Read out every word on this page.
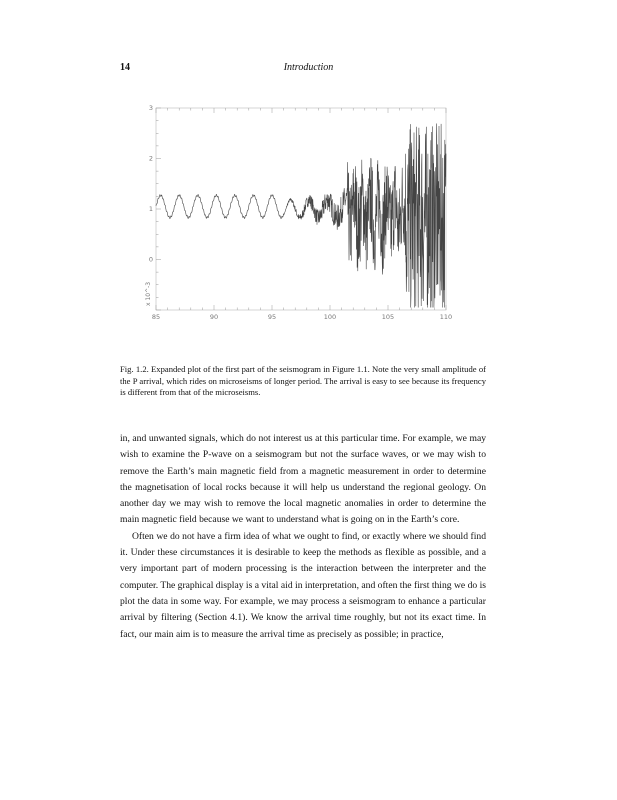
14	Introduction
85	90	95	100	105	110
0
1
2
3
x 10^-3
Fig. 1.2. Expanded plot of the first part of the seismogram in Figure 1.1. Note the very small amplitude of the P arrival, which rides on microseisms of longer period. The arrival is easy to see because its frequency is different from that of the microseisms.

in, and unwanted signals, which do not interest us at this particular time. For example, we may wish to examine the P-wave on a seismogram but not the surface waves, or we may wish to remove the Earth’s main magnetic field from a magnetic measurement in order to determine the magnetisation of local rocks because it will help us understand the regional geology. On another day we may wish to remove the local magnetic anomalies in order to determine the main magnetic field because we want to understand what is going on in the Earth’s core.

Often we do not have a firm idea of what we ought to find, or exactly where we should find it. Under these circumstances it is desirable to keep the methods as flexible as possible, and a very important part of modern processing is the interaction between the interpreter and the computer. The graphical display is a vital aid in interpretation, and often the first thing we do is plot the data in some way. For example, we may process a seismogram to enhance a particular arrival by filtering (Section 4.1). We know the arrival time roughly, but not its exact time. In fact, our main aim is to measure the arrival time as precisely as possible; in practice,
